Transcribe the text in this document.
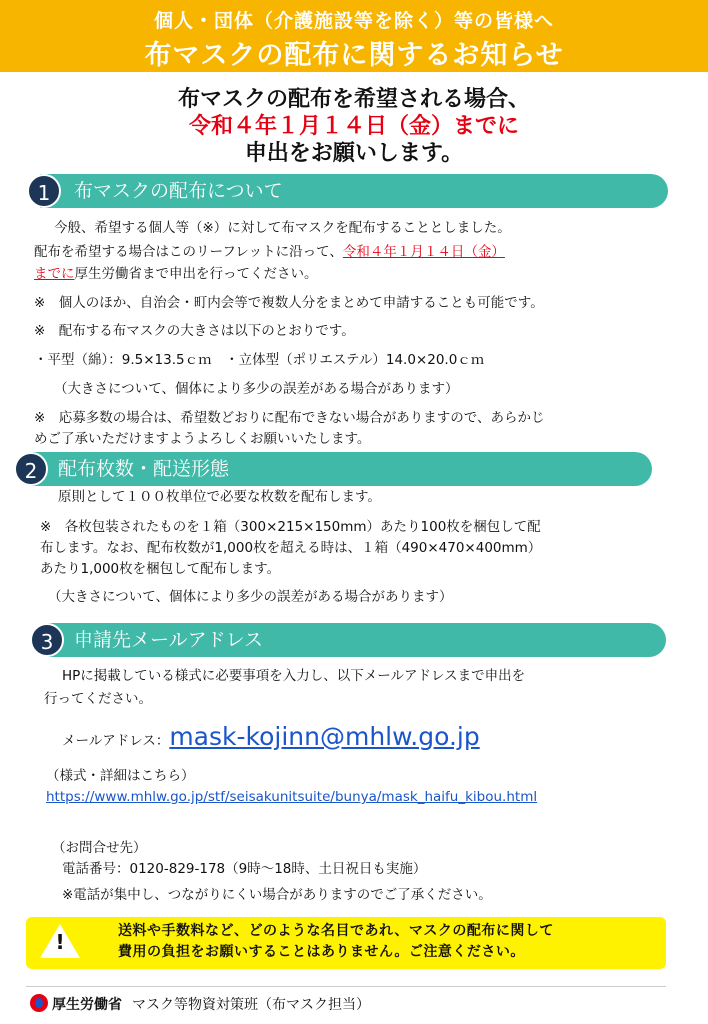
個人・団体（介護施設等を除く）等の皆様へ
布マスクの配布に関するお知らせ
布マスクの配布を希望される場合、
令和４年１月１４日（金）までに
申出をお願いします。
布マスクの配布について
1
今般、希望する個人等（※）に対して布マスクを配布することとしました。
配布を希望する場合はこのリーフレットに沿って、令和４年１月１４日（金）
までに厚生労働省まで申出を行ってください。
※　個人のほか、自治会・町内会等で複数人分をまとめて申請することも可能です。
※　配布する布マスクの大きさは以下のとおりです。
・平型（綿）：9.5×13.5ｃｍ　・立体型（ポリエステル）14.0×20.0ｃｍ
（大きさについて、個体により多少の誤差がある場合があります）
※　応募多数の場合は、希望数どおりに配布できない場合がありますので、あらかじ
めご了承いただけますようよろしくお願いいたします。
配布枚数・配送形態
2
原則として１００枚単位で必要な枚数を配布します。
※　各枚包装されたものを１箱（300×215×150mm）あたり100枚を梱包して配
布します。なお、配布枚数が1,000枚を超える時は、１箱（490×470×400mm）
あたり1,000枚を梱包して配布します。
（大きさについて、個体により多少の誤差がある場合があります）
申請先メールアドレス
3
HPに掲載している様式に必要事項を入力し、以下メールアドレスまで申出を
行ってください。
メールアドレス：mask-kojinn@mhlw.go.jp
（様式・詳細はこちら）
https://www.mhlw.go.jp/stf/seisakunitsuite/bunya/mask_haifu_kibou.html
（お問合せ先）
電話番号：0120-829-178（9時～18時、土日祝日も実施）
※電話が集中し、つながりにくい場合がありますのでご了承ください。
!	送料や手数料など、どのような名目であれ、マスクの配布に関して
費用の負担をお願いすることはありません。ご注意ください。
厚生労働省 マスク等物資対策班（布マスク担当）
